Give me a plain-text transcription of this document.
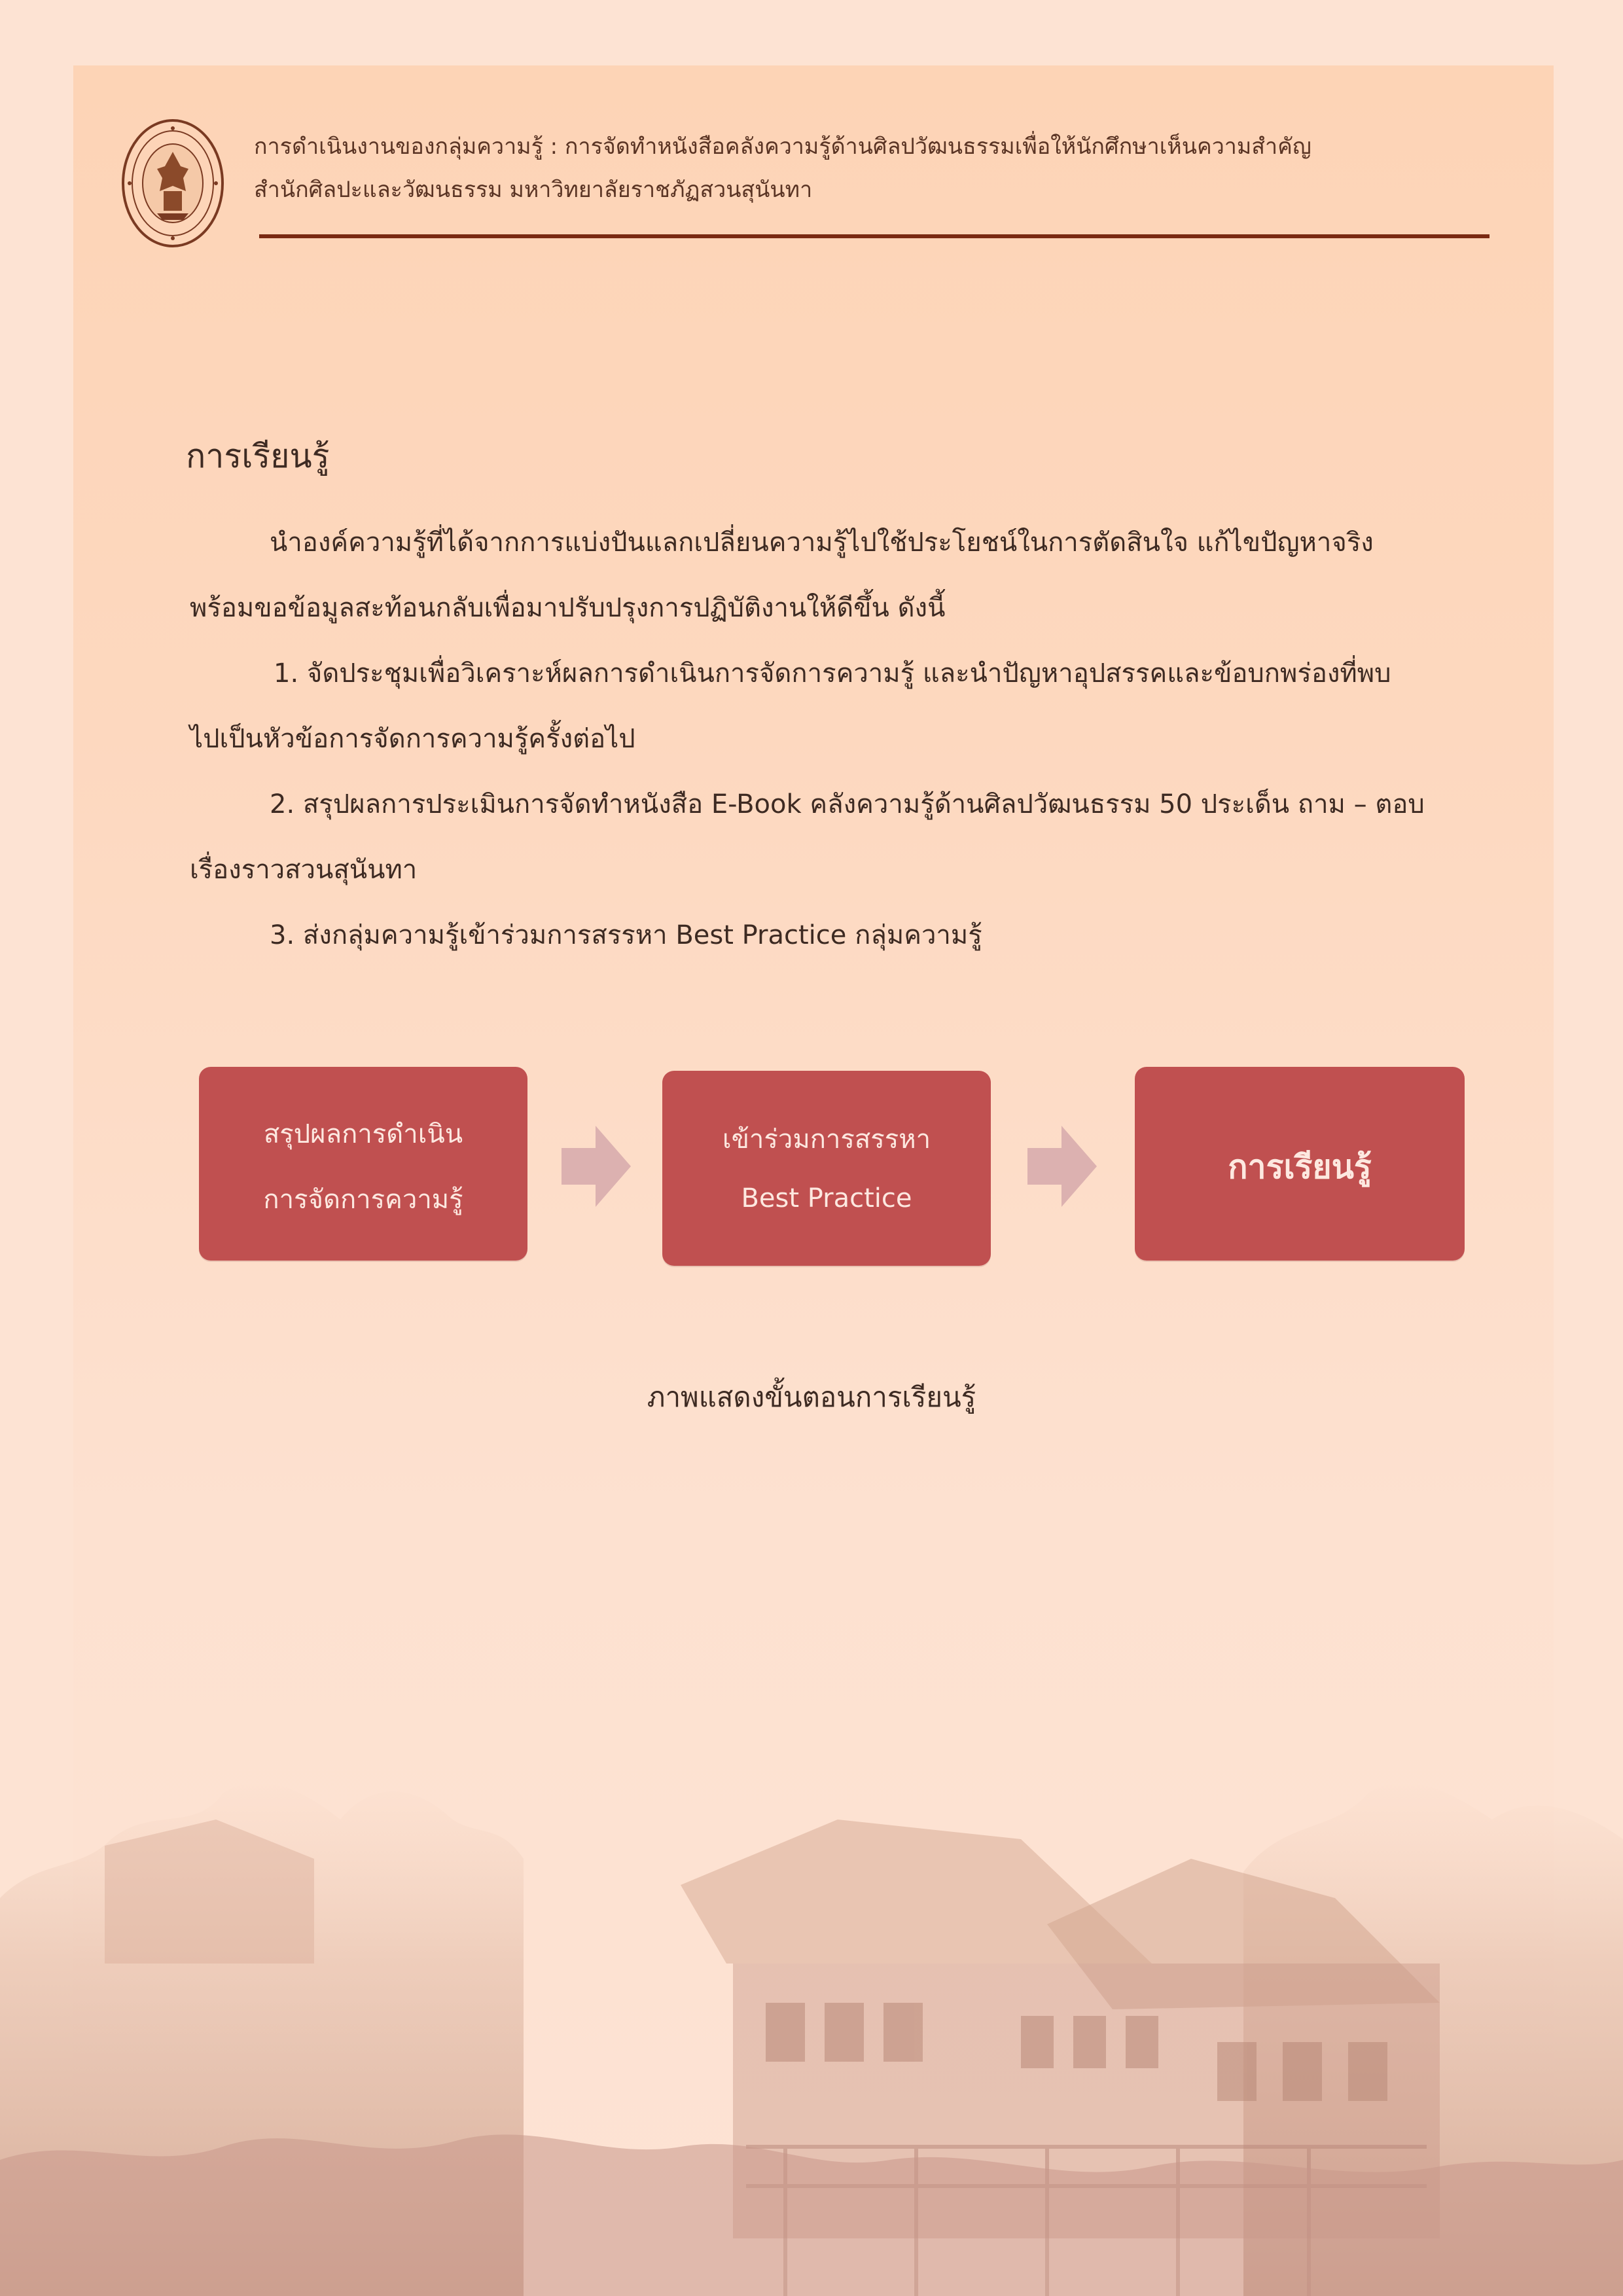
การดำเนินงานของกลุ่มความรู้ : การจัดทำหนังสือคลังความรู้ด้านศิลปวัฒนธรรมเพื่อให้นักศึกษาเห็นความสำคัญ
สำนักศิลปะและวัฒนธรรม มหาวิทยาลัยราชภัฏสวนสุนันทา
การเรียนรู้
นำองค์ความรู้ที่ได้จากการแบ่งปันแลกเปลี่ยนความรู้ไปใช้ประโยชน์ในการตัดสินใจ แก้ไขปัญหาจริง
พร้อมขอข้อมูลสะท้อนกลับเพื่อมาปรับปรุงการปฏิบัติงานให้ดีขึ้น ดังนี้
1. จัดประชุมเพื่อวิเคราะห์ผลการดำเนินการจัดการความรู้ และนำปัญหาอุปสรรคและข้อบกพร่องที่พบ
ไปเป็นหัวข้อการจัดการความรู้ครั้งต่อไป
2. สรุปผลการประเมินการจัดทำหนังสือ E-Book คลังความรู้ด้านศิลปวัฒนธรรม 50 ประเด็น ถาม – ตอบ
เรื่องราวสวนสุนันทา
3. ส่งกลุ่มความรู้เข้าร่วมการสรรหา Best Practice กลุ่มความรู้
สรุปผลการดำเนิน
การจัดการความรู้
เข้าร่วมการสรรหา
Best Practice
การเรียนรู้
ภาพแสดงขั้นตอนการเรียนรู้
